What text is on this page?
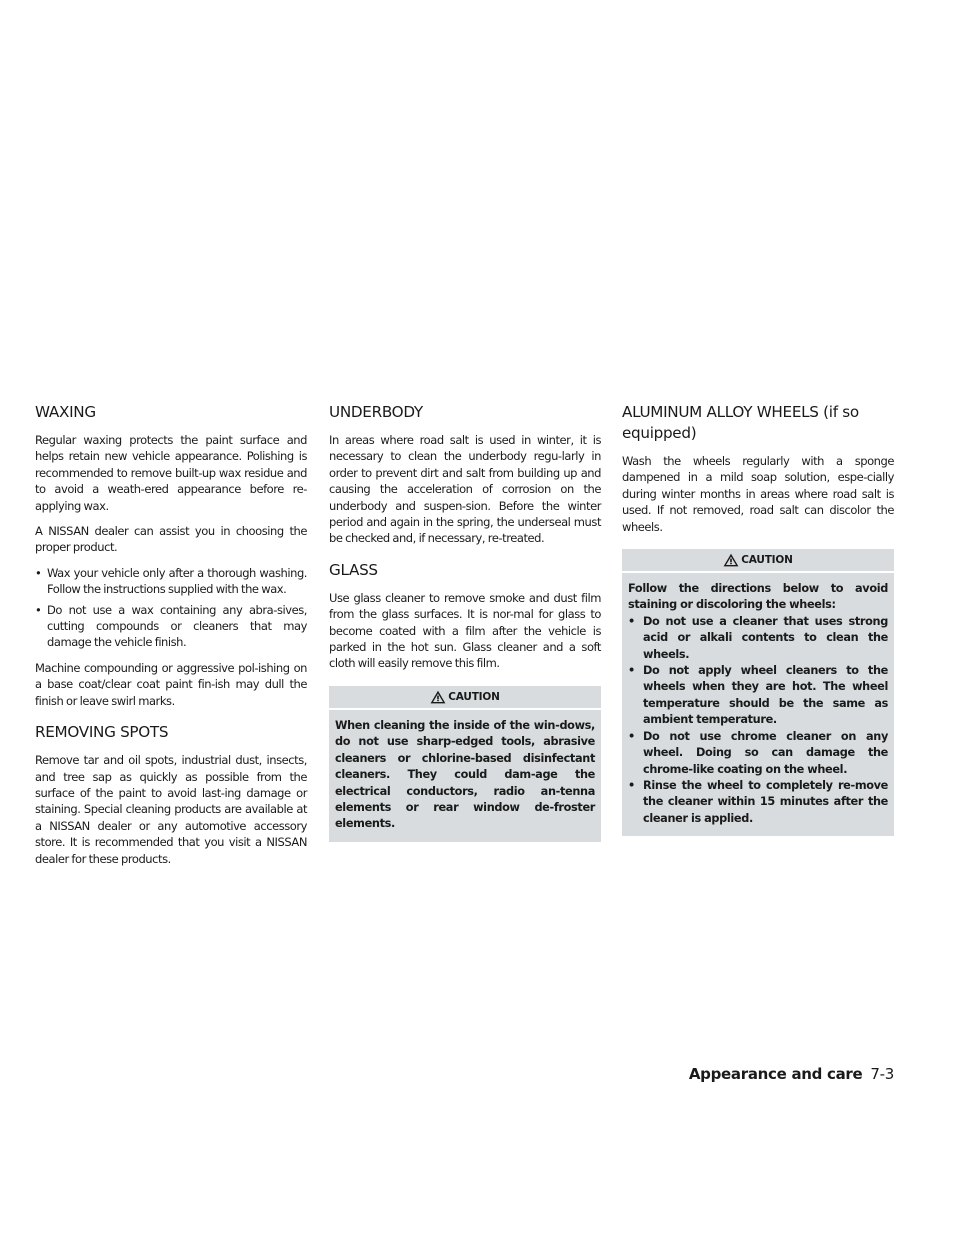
WAXING

Regular waxing protects the paint surface and helps retain new vehicle appearance. Polishing is recommended to remove built-up wax residue and to avoid a weath-ered appearance before re-applying wax.

A NISSAN dealer can assist you in choosing the proper product.

• Wax your vehicle only after a thorough washing. Follow the instructions supplied with the wax.
• Do not use a wax containing any abra-sives, cutting compounds or cleaners that may damage the vehicle finish.

Machine compounding or aggressive pol-ishing on a base coat/clear coat paint fin-ish may dull the finish or leave swirl marks.

REMOVING SPOTS

Remove tar and oil spots, industrial dust, insects, and tree sap as quickly as possible from the surface of the paint to avoid last-ing damage or staining. Special cleaning products are available at a NISSAN dealer or any automotive accessory store. It is recommended that you visit a NISSAN dealer for these products.

UNDERBODY

In areas where road salt is used in winter, it is necessary to clean the underbody regu-larly in order to prevent dirt and salt from building up and causing the acceleration of corrosion on the underbody and suspen-sion. Before the winter period and again in the spring, the underseal must be checked and, if necessary, re-treated.

GLASS

Use glass cleaner to remove smoke and dust film from the glass surfaces. It is nor-mal for glass to become coated with a film after the vehicle is parked in the hot sun. Glass cleaner and a soft cloth will easily remove this film.

CAUTION

When cleaning the inside of the win-dows, do not use sharp-edged tools, abrasive cleaners or chlorine-based disinfectant cleaners. They could dam-age the electrical conductors, radio an-tenna elements or rear window de-froster elements.

ALUMINUM ALLOY WHEELS (if so equipped)

Wash the wheels regularly with a sponge dampened in a mild soap solution, espe-cially during winter months in areas where road salt is used. If not removed, road salt can discolor the wheels.

CAUTION

Follow the directions below to avoid staining or discoloring the wheels:

• Do not use a cleaner that uses strong acid or alkali contents to clean the wheels.
• Do not apply wheel cleaners to the wheels when they are hot. The wheel temperature should be the same as ambient temperature.
• Do not use chrome cleaner on any wheel. Doing so can damage the chrome-like coating on the wheel.
• Rinse the wheel to completely re-move the cleaner within 15 minutes after the cleaner is applied.
Appearance and care 7-3
